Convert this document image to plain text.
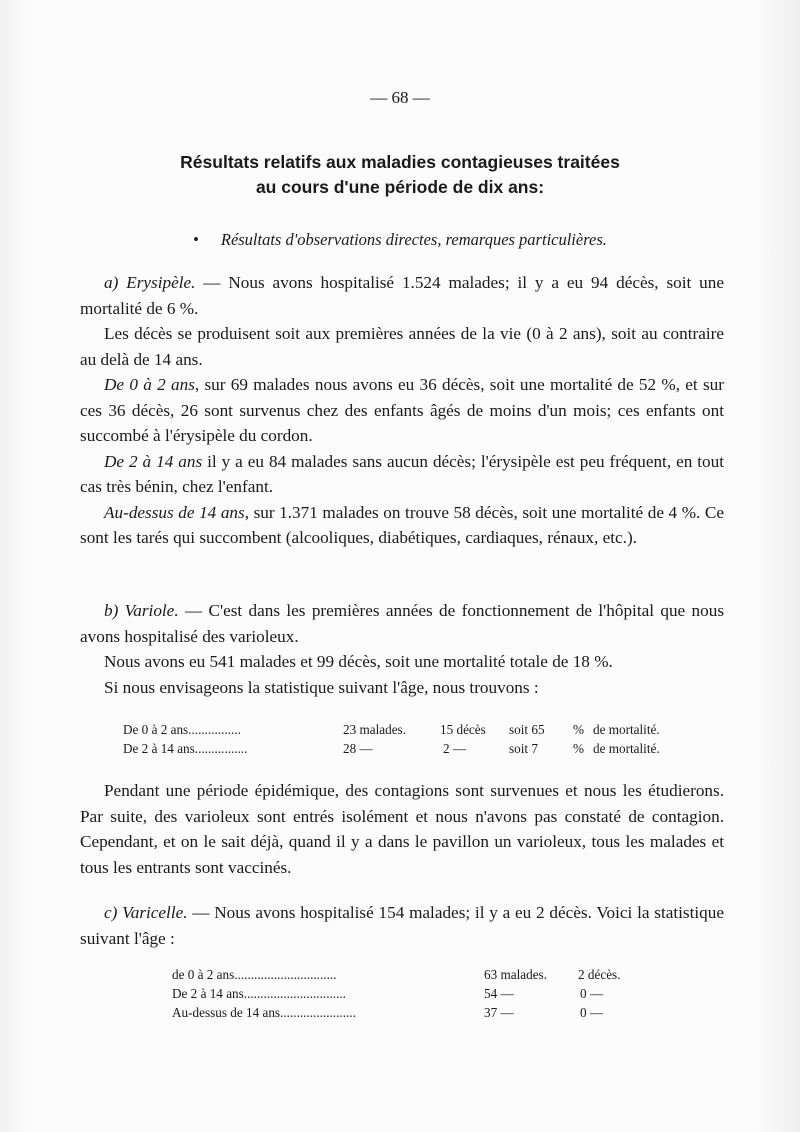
— 68 —
Résultats relatifs aux maladies contagieuses traitées
au cours d'une période de dix ans:
• Résultats d'observations directes, remarques particulières.

a) Erysipèle. — Nous avons hospitalisé 1.524 malades; il y a eu 94 décès, soit une mortalité de 6 %.

Les décès se produisent soit aux premières années de la vie (0 à 2 ans), soit au contraire au delà de 14 ans.

De 0 à 2 ans, sur 69 malades nous avons eu 36 décès, soit une mortalité de 52 %, et sur ces 36 décès, 26 sont survenus chez des enfants âgés de moins d'un mois; ces enfants ont succombé à l'érysipèle du cordon.

De 2 à 14 ans il y a eu 84 malades sans aucun décès; l'érysipèle est peu fréquent, en tout cas très bénin, chez l'enfant.

Au-dessus de 14 ans, sur 1.371 malades on trouve 58 décès, soit une mortalité de 4 %. Ce sont les tarés qui succombent (alcooliques, diabétiques, cardiaques, rénaux, etc.).

b) Variole. — C'est dans les premières années de fonctionnement de l'hôpital que nous avons hospitalisé des varioleux.

Nous avons eu 541 malades et 99 décès, soit une mortalité totale de 18 %.

Si nous envisageons la statistique suivant l'âge, nous trouvons :

De 0 à 2 ans................	23 malades.	15 décès soit 65 % de mortalité.
De 2 à 14 ans................	28 —	2 —	soit 7	% de mortalité.

Pendant une période épidémique, des contagions sont survenues et nous les étudierons. Par suite, des varioleux sont entrés isolément et nous n'avons pas constaté de contagion. Cependant, et on le sait déjà, quand il y a dans le pavillon un varioleux, tous les malades et tous les entrants sont vaccinés.

c) Varicelle. — Nous avons hospitalisé 154 malades; il y a eu 2 décès. Voici la statistique suivant l'âge :

de 0 à 2 ans...............................	63 malades. 2 décès.
De 2 à 14 ans...............................	54 —	0 —
Au-dessus de 14 ans.......................	37 —	0 —
